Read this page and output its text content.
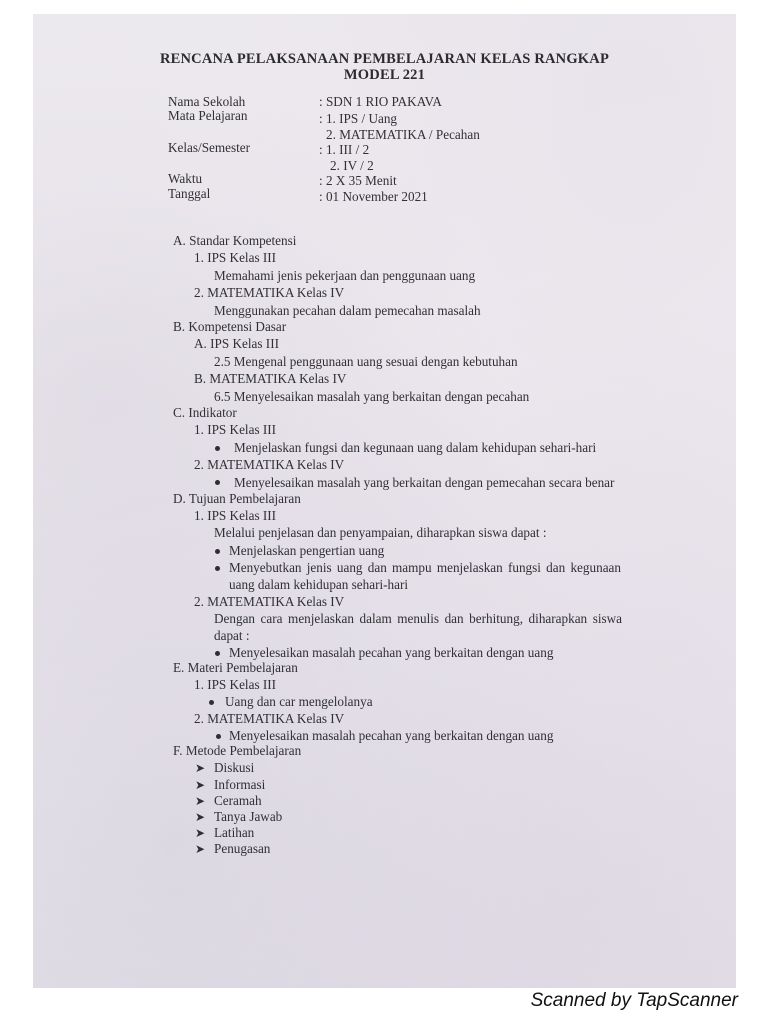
RENCANA PELAKSANAAN PEMBELAJARAN KELAS RANGKAP
MODEL 221
Nama Sekolah	: SDN 1 RIO PAKAVA
Mata Pelajaran	: 1. IPS / Uang
2. MATEMATIKA / Pecahan
Kelas/Semester	: 1. III / 2
2. IV / 2
Waktu	: 2 X 35 Menit
Tanggal	: 01 November 2021
A. Standar Kompetensi
1. IPS Kelas III
Memahami jenis pekerjaan dan penggunaan uang
2. MATEMATIKA Kelas IV
Menggunakan pecahan dalam pemecahan masalah
B. Kompetensi Dasar
A. IPS Kelas III
2.5 Mengenal penggunaan uang sesuai dengan kebutuhan
B. MATEMATIKA Kelas IV
6.5 Menyelesaikan masalah yang berkaitan dengan pecahan
C. Indikator
1. IPS Kelas III
Menjelaskan fungsi dan kegunaan uang dalam kehidupan sehari-hari
2. MATEMATIKA Kelas IV
Menyelesaikan masalah yang berkaitan dengan pemecahan secara benar
D. Tujuan Pembelajaran
1. IPS Kelas III
Melalui penjelasan dan penyampaian, diharapkan siswa dapat :
Menjelaskan pengertian uang
Menyebutkan jenis uang dan mampu menjelaskan fungsi dan kegunaan
uang dalam kehidupan sehari-hari
2. MATEMATIKA Kelas IV
Dengan cara menjelaskan dalam menulis dan berhitung, diharapkan siswa
dapat :
Menyelesaikan masalah pecahan yang berkaitan dengan uang
E. Materi Pembelajaran
1. IPS Kelas III
Uang dan car mengelolanya
2. MATEMATIKA Kelas IV
Menyelesaikan masalah pecahan yang berkaitan dengan uang
F. Metode Pembelajaran
➤ Diskusi
➤ Informasi
➤ Ceramah
➤ Tanya Jawab
➤ Latihan
➤ Penugasan
Scanned by TapScanner
